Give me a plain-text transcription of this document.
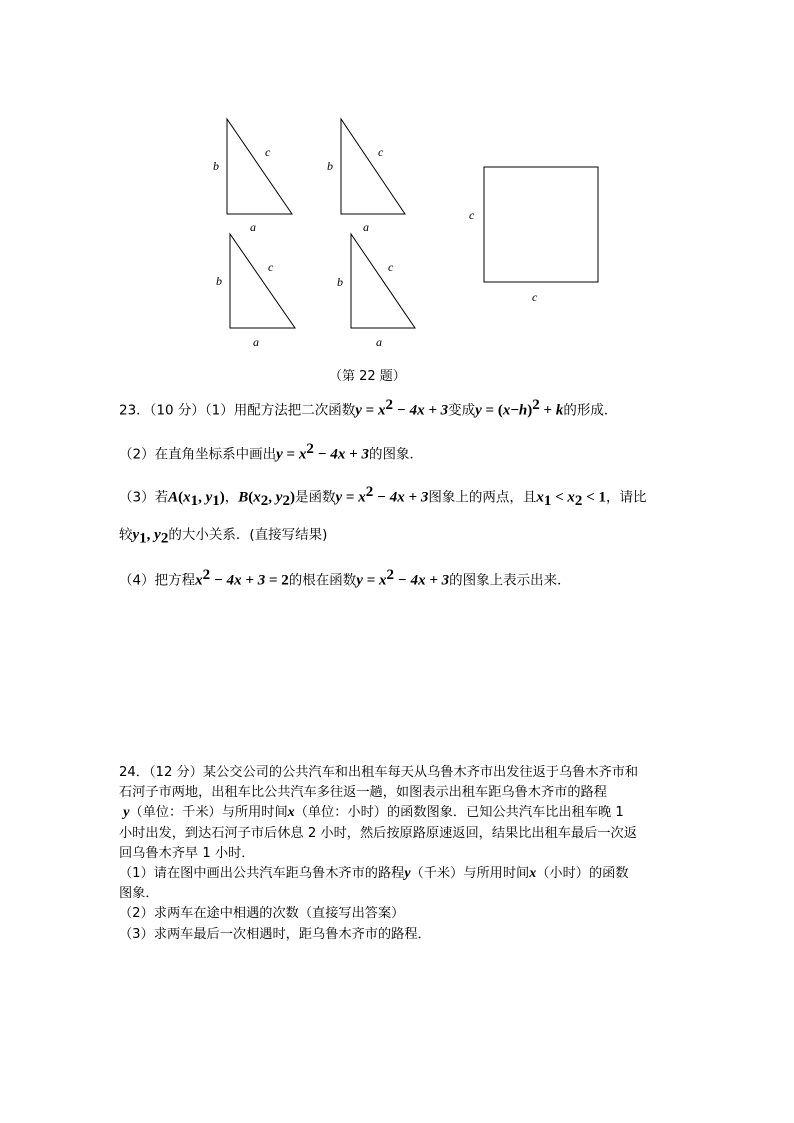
b
c
a
b
c
a
b
c
a
b
c
a
c
c
（第 22 题）
23．（10 分）（1）用配方法把二次函数$y = x^2 - 4x + 3$变成$y = (x-h)^2 + k$的形成．
（2）在直角坐标系中画出$y = x^2 - 4x + 3$的图象．
（3）若$A(x_1$, $y_1$)，$B(x_2$, $y_2$)是函数$y = x^2 - 4x + 3$图象上的两点，且$x_1 < x_2 < 1$，请比
较$y_1$, $y_2$的大小关系．(直接写结果)
（4）把方程$x^2 - 4x + 3 = 2$的根在函数$y = x^2 - 4x + 3$的图象上表示出来．
24．（12 分）某公交公司的公共汽车和出租车每天从乌鲁木齐市出发往返于乌鲁木齐市和
石河子市两地，出租车比公共汽车多往返一趟，如图表示出租车距乌鲁木齐市的路程
y（单位：千米）与所用时间x（单位：小时）的函数图象．已知公共汽车比出租车晚 1
小时出发，到达石河子市后休息 2 小时，然后按原路原速返回，结果比出租车最后一次返
回乌鲁木齐早 1 小时．
（1）请在图中画出公共汽车距乌鲁木齐市的路程y（千米）与所用时间x（小时）的函数
图象．
（2）求两车在途中相遇的次数（直接写出答案）
（3）求两车最后一次相遇时，距乌鲁木齐市的路程．
